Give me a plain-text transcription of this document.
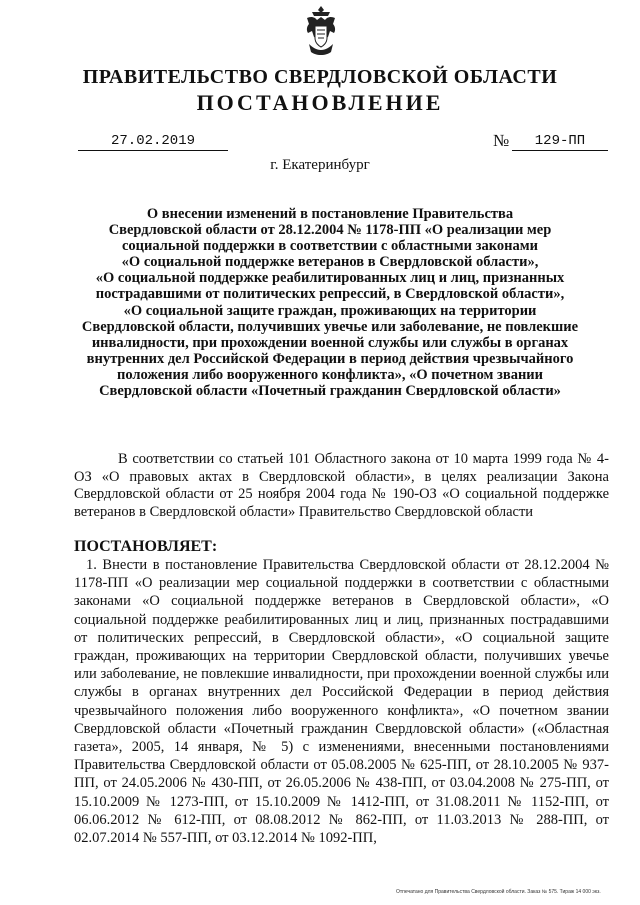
ПРАВИТЕЛЬСТВО СВЕРДЛОВСКОЙ ОБЛАСТИ
ПОСТАНОВЛЕНИЕ
27.02.2019	№	129-ПП
г. Екатеринбург
О внесении изменений в постановление Правительства
Свердловской области от 28.12.2004 № 1178-ПП «О реализации мер
социальной поддержки в соответствии с областными законами
«О социальной поддержке ветеранов в Свердловской области»,
«О социальной поддержке реабилитированных лиц и лиц, признанных
пострадавшими от политических репрессий, в Свердловской области»,
«О социальной защите граждан, проживающих на территории
Свердловской области, получивших увечье или заболевание, не повлекшие
инвалидности, при прохождении военной службы или службы в органах
внутренних дел Российской Федерации в период действия чрезвычайного
положения либо вооруженного конфликта», «О почетном звании
Свердловской области «Почетный гражданин Свердловской области»
В соответствии со статьей 101 Областного закона от 10 марта 1999 года № 4-ОЗ «О правовых актах в Свердловской области», в целях реализации Закона Свердловской области от 25 ноября 2004 года № 190-ОЗ «О социальной поддержке ветеранов в Свердловской области» Правительство Свердловской области
ПОСТАНОВЛЯЕТ:
1. Внести в постановление Правительства Свердловской области от 28.12.2004 № 1178-ПП «О реализации мер социальной поддержки в соответствии с областными законами «О социальной поддержке ветеранов в Свердловской области», «О социальной поддержке реабилитированных лиц и лиц, признанных пострадавшими от политических репрессий, в Свердловской области», «О социальной защите граждан, проживающих на территории Свердловской области, получивших увечье или заболевание, не повлекшие инвалидности, при прохождении военной службы или службы в органах внутренних дел Российской Федерации в период действия чрезвычайного положения либо вооруженного конфликта», «О почетном звании Свердловской области «Почетный гражданин Свердловской области» («Областная газета», 2005, 14 января, № 5) с изменениями, внесенными постановлениями Правительства Свердловской области от 05.08.2005 № 625-ПП, от 28.10.2005 № 937-ПП, от 24.05.2006 № 430-ПП, от 26.05.2006 № 438-ПП, от 03.04.2008 № 275-ПП, от 15.10.2009 № 1273-ПП, от 15.10.2009 № 1412-ПП, от 31.08.2011 № 1152-ПП, от 06.06.2012 № 612-ПП, от 08.08.2012 № 862-ПП, от 11.03.2013 № 288-ПП, от 02.07.2014 № 557-ПП, от 03.12.2014 № 1092-ПП,
Отпечатано для Правительства Свердловской области. Заказ № 575. Тираж 14 000 экз.
